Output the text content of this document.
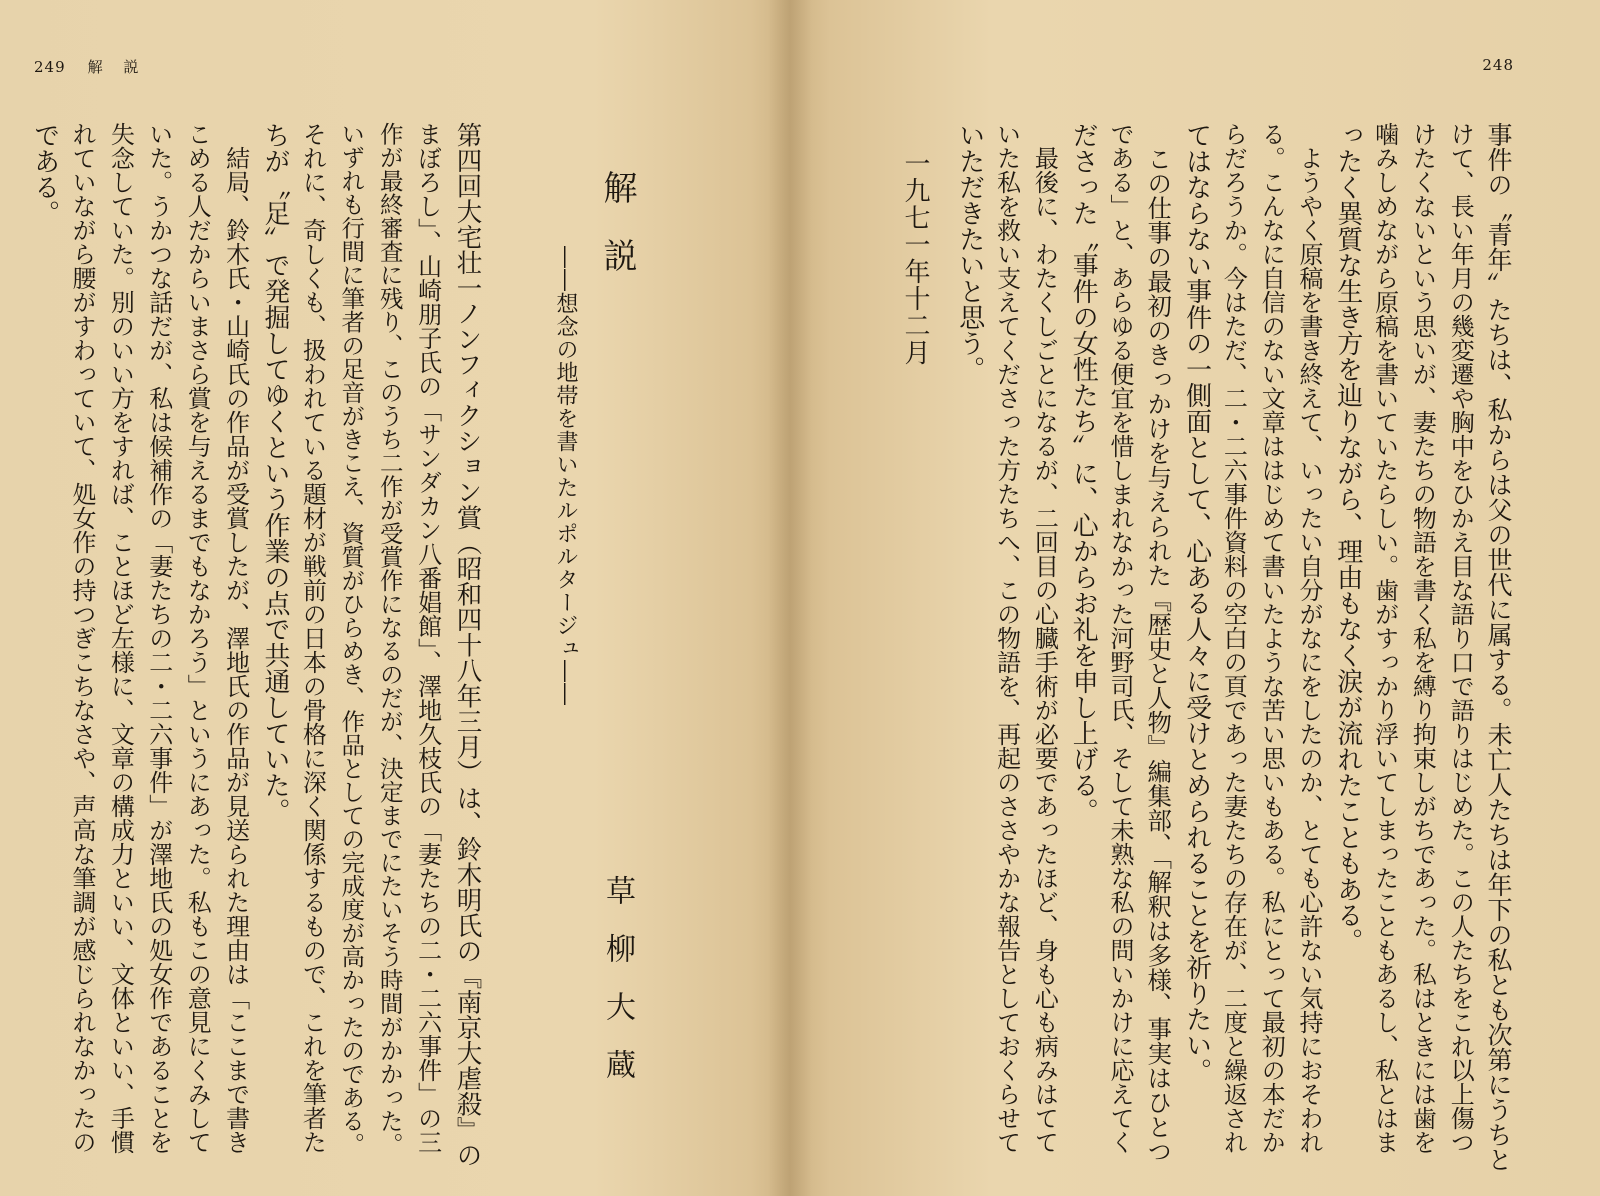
249 解 説
解説
――想念の地帯を書いたルポルタージュ――
草柳大蔵
第四回大宅壮一ノンフィクション賞（昭和四十八年三月）は、鈴木明氏の『南京大虐殺』の
まぼろし」、山崎朋子氏の「サンダカン八番娼館」、澤地久枝氏の「妻たちの二・二六事件」の三
作が最終審査に残り、このうち二作が受賞作になるのだが、決定までにたいそう時間がかかった。
いずれも行間に筆者の足音がきこえ、資質がひらめき、作品としての完成度が高かったのである。
それに、奇しくも、扱われている題材が戦前の日本の骨格に深く関係するもので、これを筆者た
ちが〝足〟で発掘してゆくという作業の点で共通していた。
　結局、鈴木氏・山崎氏の作品が受賞したが、澤地氏の作品が見送られた理由は「ここまで書き
こめる人だからいまさら賞を与えるまでもなかろう」というにあった。私もこの意見にくみして
いた。うかつな話だが、私は候補作の「妻たちの二・二六事件」が澤地氏の処女作であることを
失念していた。別のいい方をすれば、ことほど左様に、文章の構成力といい、文体といい、手慣
れていながら腰がすわっていて、処女作の持つぎこちなさや、声高な筆調が感じられなかったの
である。
248
事件の〝青年〟たちは、私からは父の世代に属する。未亡人たちは年下の私とも次第にうちと
けて、長い年月の幾変遷や胸中をひかえ目な語り口で語りはじめた。この人たちをこれ以上傷つ
けたくないという思いが、妻たちの物語を書く私を縛り拘束しがちであった。私はときには歯を
噛みしめながら原稿を書いていたらしい。歯がすっかり浮いてしまったこともあるし、私とはま
ったく異質な生き方を辿りながら、理由もなく涙が流れたこともある。
　ようやく原稿を書き終えて、いったい自分がなにをしたのか、とても心許ない気持におそわれ
る。こんなに自信のない文章ははじめて書いたような苦い思いもある。私にとって最初の本だか
らだろうか。今はただ、二・二六事件資料の空白の頁であった妻たちの存在が、二度と繰返され
てはならない事件の一側面として、心ある人々に受けとめられることを祈りたい。
　この仕事の最初のきっかけを与えられた『歴史と人物』編集部、「解釈は多様、事実はひとつ
である」と、あらゆる便宜を惜しまれなかった河野司氏、そして未熟な私の問いかけに応えてく
ださった〝事件の女性たち〟に、心からお礼を申し上げる。
　最後に、わたくしごとになるが、二回目の心臓手術が必要であったほど、身も心も病みはてて
いた私を救い支えてくださった方たちへ、この物語を、再起のささやかな報告としておくらせて
いただきたいと思う。
一九七一年十二月
